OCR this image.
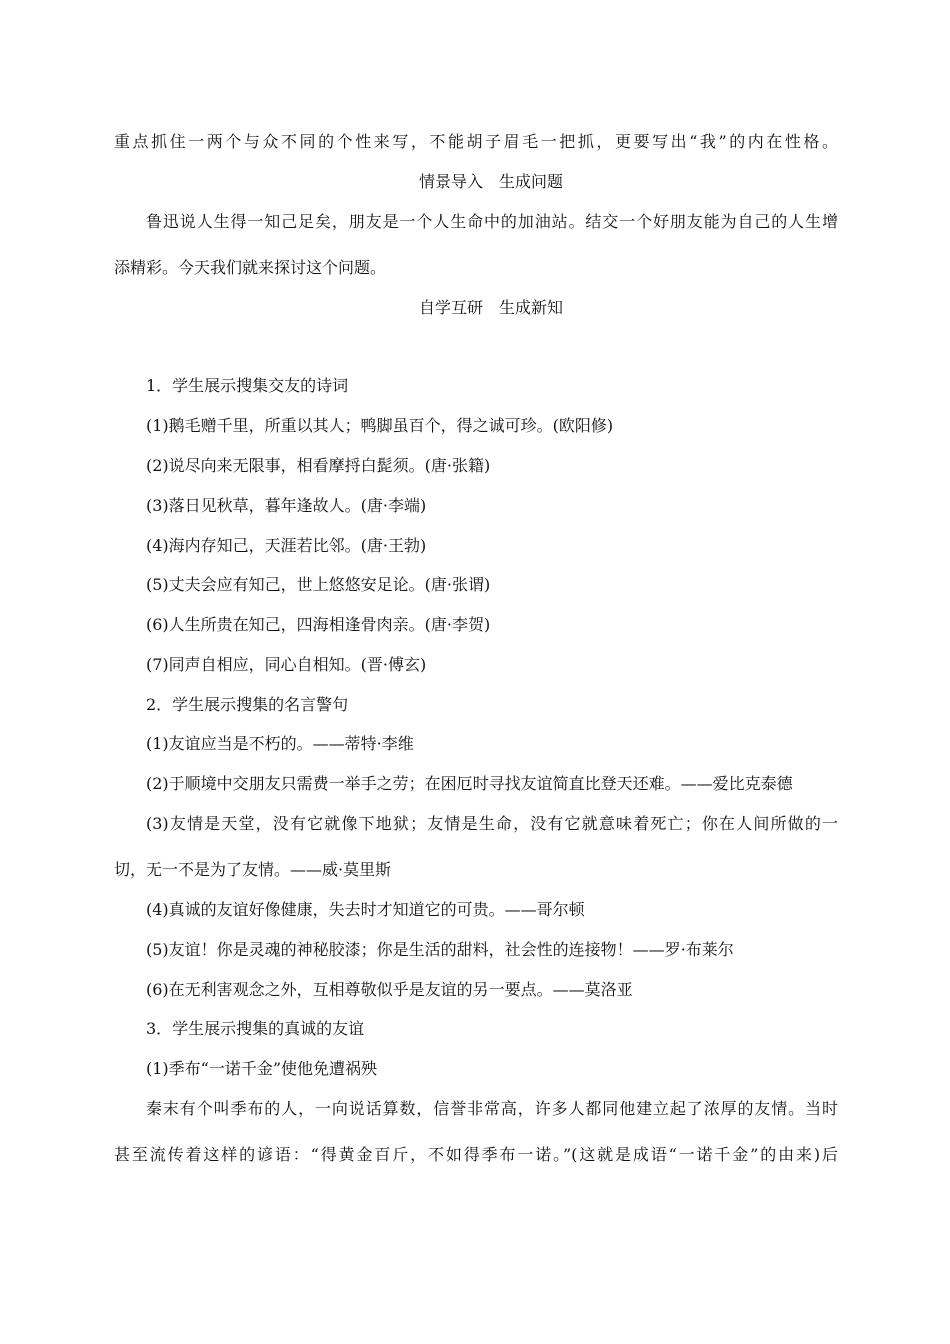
重点抓住一两个与众不同的个性来写，不能胡子眉毛一把抓，更要写出“我”的内在性格。
情景导入　生成问题
鲁迅说人生得一知己足矣，朋友是一个人生命中的加油站。结交一个好朋友能为自己的人生增
添精彩。今天我们就来探讨这个问题。
自学互研　生成新知
1．学生展示搜集交友的诗词
(1)鹅毛赠千里，所重以其人；鸭脚虽百个，得之诚可珍。(欧阳修)
(2)说尽向来无限事，相看摩捋白髭须。(唐·张籍)
(3)落日见秋草，暮年逢故人。(唐·李端)
(4)海内存知己，天涯若比邻。(唐·王勃)
(5)丈夫会应有知己，世上悠悠安足论。(唐·张谓)
(6)人生所贵在知己，四海相逢骨肉亲。(唐·李贺)
(7)同声自相应，同心自相知。(晋·傅玄)
2．学生展示搜集的名言警句
(1)友谊应当是不朽的。——蒂特·李维
(2)于顺境中交朋友只需费一举手之劳；在困厄时寻找友谊简直比登天还难。——爱比克泰德
(3)友情是天堂，没有它就像下地狱；友情是生命，没有它就意味着死亡；你在人间所做的一
切，无一不是为了友情。——威·莫里斯
(4)真诚的友谊好像健康，失去时才知道它的可贵。——哥尔顿
(5)友谊！你是灵魂的神秘胶漆；你是生活的甜料，社会性的连接物！——罗·布莱尔
(6)在无利害观念之外，互相尊敬似乎是友谊的另一要点。——莫洛亚
3．学生展示搜集的真诚的友谊
(1)季布“一诺千金”使他免遭祸殃
秦末有个叫季布的人，一向说话算数，信誉非常高，许多人都同他建立起了浓厚的友情。当时
甚至流传着这样的谚语：“得黄金百斤，不如得季布一诺。”(这就是成语“一诺千金”的由来)后
